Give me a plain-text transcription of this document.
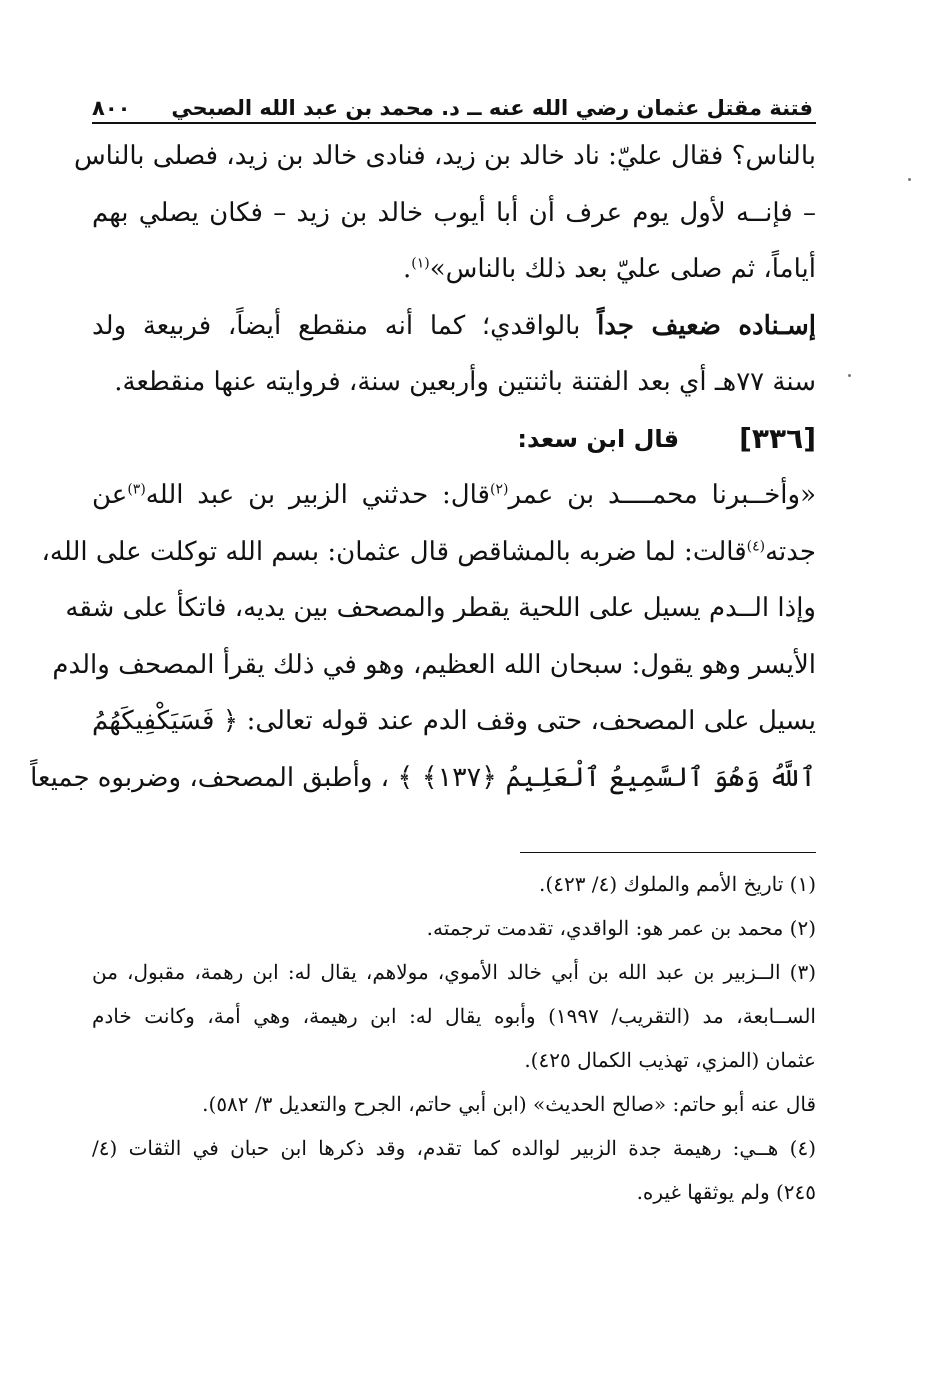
فتنة مقتل عثمان رضي الله عنه ــ د. محمد بن عبد الله الصبحي
٨٠٠
بالناس؟ فقال عليّ: ناد خالد بن زيد، فنادى خالد بن زيد، فصلى بالناس
– فإنــه لأول يوم عرف أن أبا أيوب خالد بن زيد – فكان يصلي بهم
أياماً، ثم صلى عليّ بعد ذلك بالناس»$^{(١)}$.
إسـناده ضعيف جداً بالواقدي؛ كما أنه منقطع أيضاً، فربيعة ولد
سنة ٧٧هـ أي بعد الفتنة باثنتين وأربعين سنة، فروايته عنها منقطعة.
[٣٣٦]
قال ابن سعد:
«وأخــبرنا محمــــد بن عمر$^{(٢)}$قال: حدثني الزبير بن عبد الله$^{(٣)}$عن
جدته$^{(٤)}$قالت: لما ضربه بالمشاقص قال عثمان: بسم الله توكلت على الله،
وإذا الــدم يسيل على اللحية يقطر والمصحف بين يديه، فاتكأ على شقه
الأيسر وهو يقول: سبحان الله العظيم، وهو في ذلك يقرأ المصحف والدم
يسيل على المصحف، حتى وقف الدم عند قوله تعالى: ﴿ فَسَيَكْفِيكَهُمُ
ٱللَّهُ وَهُوَ ٱلسَّمِيعُ ٱلْعَلِيمُ ﴿١٣٧﴾ ﴾ ، وأطبق المصحف، وضربوه جميعاً
(١) تاريخ الأمم والملوك (٤/ ٤٢٣).
(٢) محمد بن عمر هو: الواقدي، تقدمت ترجمته.
(٣) الــزبير بن عبد الله بن أبي خالد الأموي، مولاهم، يقال له: ابن رهمة، مقبول، من
الســابعة، مد (التقريب/ ١٩٩٧) وأبوه يقال له: ابن رهيمة، وهي أمة، وكانت خادم
عثمان (المزي، تهذيب الكمال ٤٢٥).
قال عنه أبو حاتم: «صالح الحديث» (ابن أبي حاتم، الجرح والتعديل ٣/ ٥٨٢).
(٤) هــي: رهيمة جدة الزبير لوالده كما تقدم، وقد ذكرها ابن حبان في الثقات (٤/
٢٤٥) ولم يوثقها غيره.
